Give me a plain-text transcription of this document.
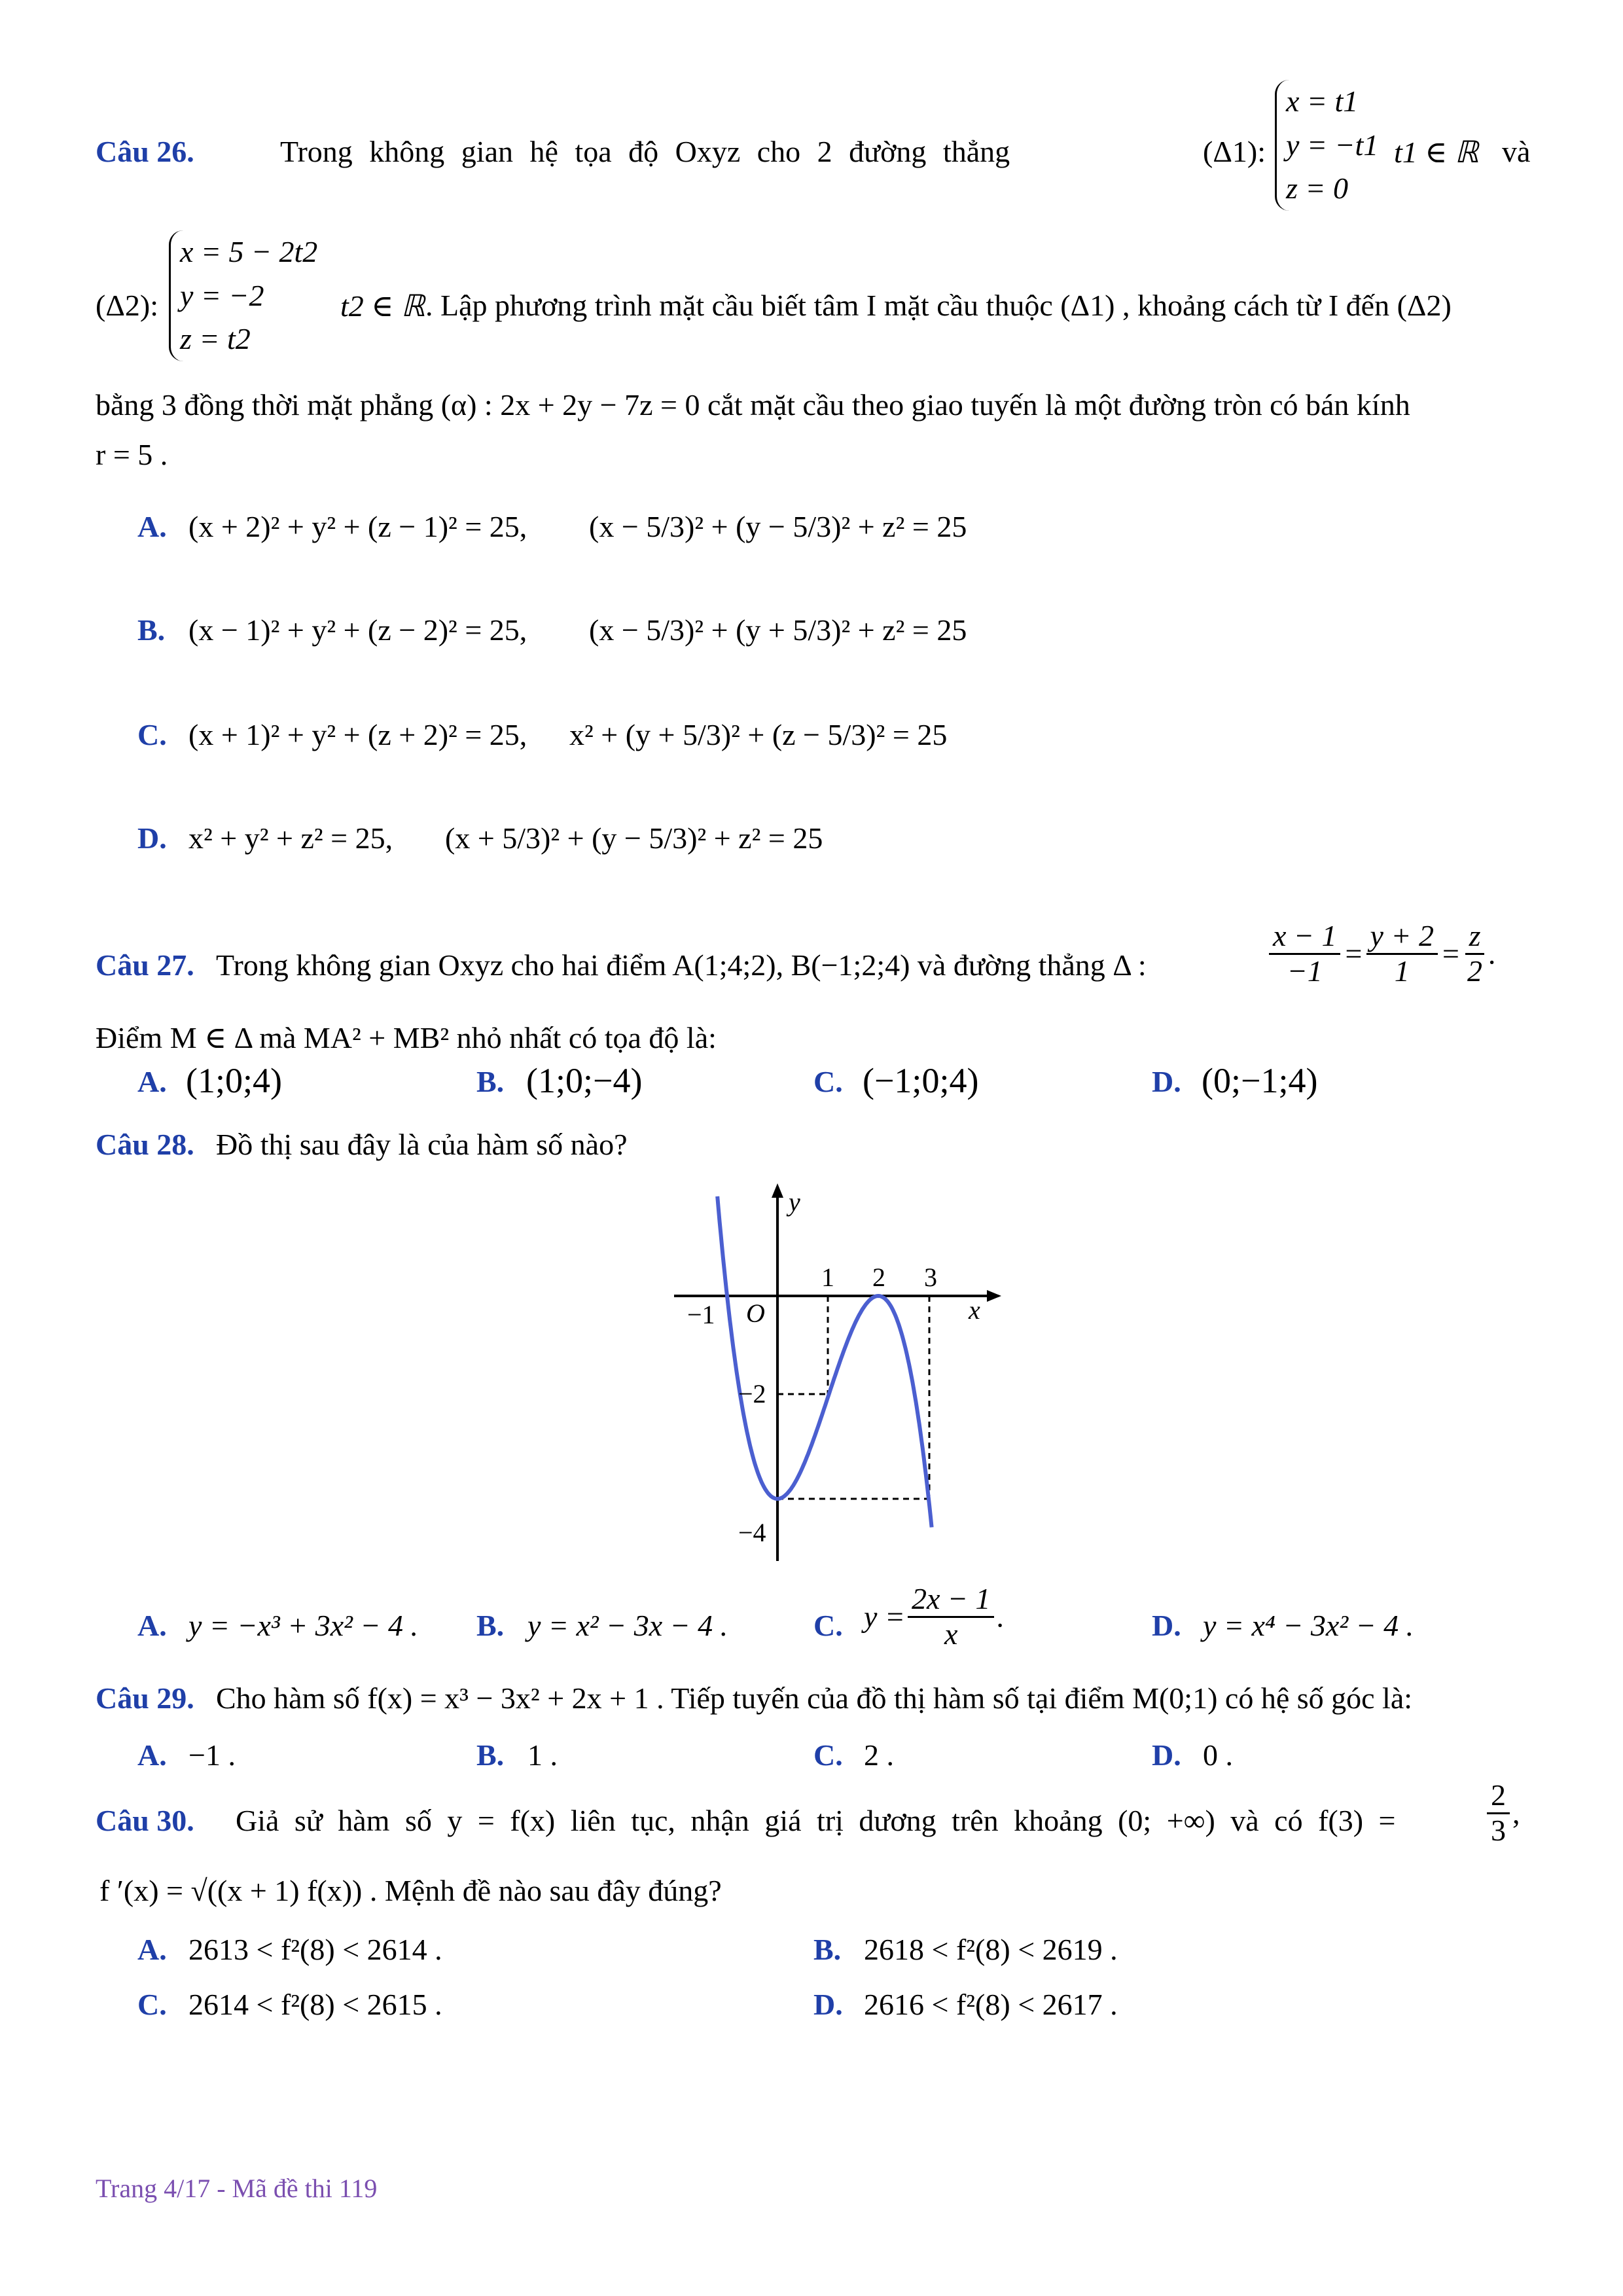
Câu 26.	Trong không gian hệ tọa độ Oxyz cho 2 đường thẳng	(Δ1):
x = t1
y = −t1
z = 0
t1 ∈ ℝ và
(Δ2):
x = 5 − 2t2
y = −2
z = t2
t2 ∈ ℝ . Lập phương trình mặt cầu biết tâm I mặt cầu thuộc (Δ1) , khoảng cách từ I đến (Δ2)
bằng 3 đồng thời mặt phẳng (α) : 2x + 2y − 7z = 0 cắt mặt cầu theo giao tuyến là một đường tròn có bán kính
r = 5 .
A. (x + 2)² + y² + (z − 1)² = 25, (x − 5/3)² + (y − 5/3)² + z² = 25
B. (x − 1)² + y² + (z − 2)² = 25, (x − 5/3)² + (y + 5/3)² + z² = 25
C. (x + 1)² + y² + (z + 2)² = 25, x² + (y + 5/3)² + (z − 5/3)² = 25
D. x² + y² + z² = 25, (x + 5/3)² + (y − 5/3)² + z² = 25
Câu 27. Trong không gian Oxyz cho hai điểm A(1;4;2), B(−1;2;4) và đường thẳng Δ :	$\frac{x - 1}{-1} = \frac{y + 2}{1} = \frac{z}{2}$ .
Điểm M ∈ Δ mà MA² + MB² nhỏ nhất có tọa độ là:
A. (1;0;4)	B. (1;0;−4)	C. (−1;0;4)	D. (0;−1;4)
Câu 28. Đồ thị sau đây là của hàm số nào?
y
x
O
−1
1 2 3
−2
−4
A. y = −x³ + 3x² − 4 . B. y = x² − 3x − 4 .	C. $y = \frac{2x - 1}{x}$ .	D. y = x⁴ − 3x² − 4 .
Câu 29. Cho hàm số f(x) = x³ − 3x² + 2x + 1 . Tiếp tuyến của đồ thị hàm số tại điểm M(0;1) có hệ số góc là:
A. −1 .	B. 1 .	C. 2 .	D. 0 .
Câu 30. Giả sử hàm số y = f(x) liên tục, nhận giá trị dương trên khoảng (0; +∞) và có f(3) =	$\frac{2}{3}$ ,
f ′(x) = √((x + 1) f(x)) . Mệnh đề nào sau đây đúng?
A. 2613 < f²(8) < 2614 .	B. 2618 < f²(8) < 2619 .
C. 2614 < f²(8) < 2615 .	D. 2616 < f²(8) < 2617 .
Trang 4/17 - Mã đề thi 119
